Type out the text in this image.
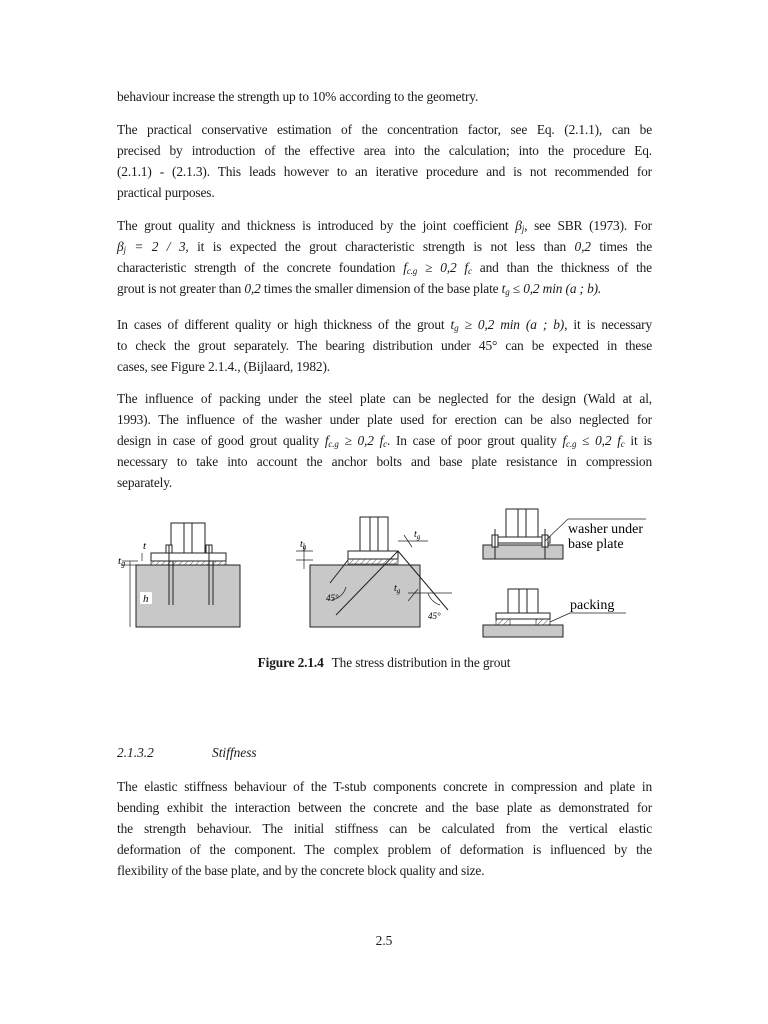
behaviour increase the strength up to 10% according to the geometry.
The practical conservative estimation of the concentration factor, see Eq. (2.1.1), can be
precised by introduction of the effective area into the calculation; into the procedure Eq.
(2.1.1) - (2.1.3). This leads however to an iterative procedure and is not recommended for
practical purposes.
The grout quality and thickness is introduced by the joint coefficient $\beta_j$, see SBR (1973). For
$\beta_j = 2 / 3$, it is expected the grout characteristic strength is not less than 0,2 times the
characteristic strength of the concrete foundation $f_{c.g} \ge 0,2$ $f_c$ and than the thickness of the
grout is not greater than 0,2 times the smaller dimension of the base plate $t_g \le 0,2$ min (a ; b).
In cases of different quality or high thickness of the grout $t_g \ge 0,2$ min (a ; b), it is necessary
to check the grout separately. The bearing distribution under 45° can be expected in these
cases, see Figure 2.1.4., (Bijlaard, 1982).
The influence of packing under the steel plate can be neglected for the design (Wald at al,
1993). The influence of the washer under plate used for erection can be also neglected for
design in case of good grout quality $f_{c.g} \ge 0,2$ $f_c$. In case of poor grout quality $f_{c.g} \le 0,2$ $f_c$ it is
necessary to take into account the anchor bolts and base plate resistance in compression
separately.
t
tg
h
$t_g$
$t_g$
$t_g$
45°
45°
washer under
base plate
packing
Figure 2.1.4 The stress distribution in the grout
2.1.3.2	Stiffness
The elastic stiffness behaviour of the T-stub components concrete in compression and plate in
bending exhibit the interaction between the concrete and the base plate as demonstrated for
the strength behaviour. The initial stiffness can be calculated from the vertical elastic
deformation of the component. The complex problem of deformation is influenced by the
flexibility of the base plate, and by the concrete block quality and size.
2.5
